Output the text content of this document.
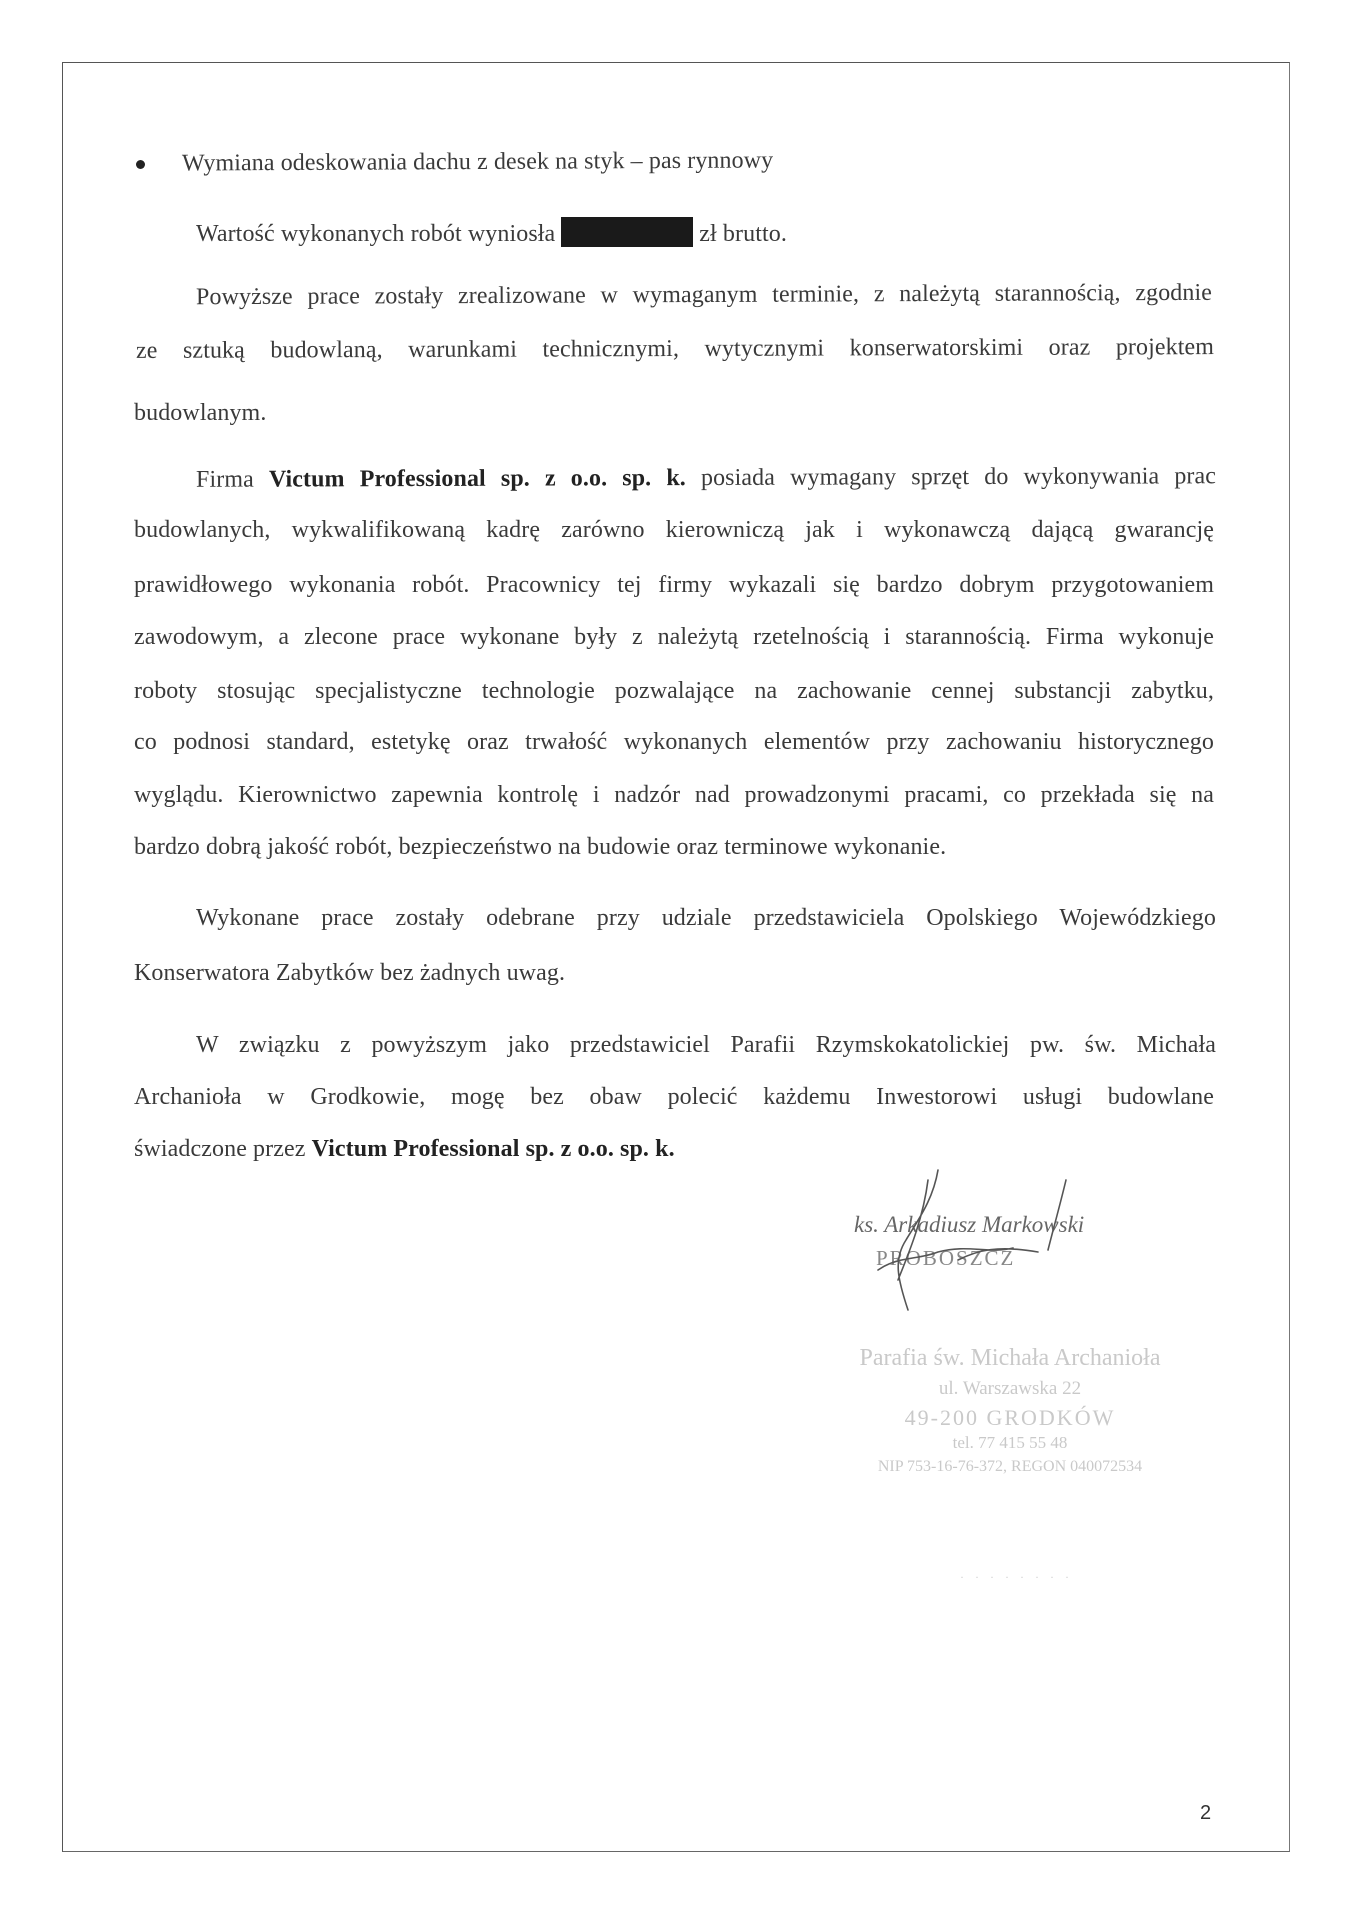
Wymiana odeskowania dachu z desek na styk – pas rynnowy
Wartość wykonanych robót wyniosła	zł brutto.
Powyższe prace zostały zrealizowane w wymaganym terminie, z należytą starannością, zgodnie
ze sztuką budowlaną, warunkami technicznymi, wytycznymi konserwatorskimi oraz projektem
budowlanym.
Firma Victum Professional sp. z o.o. sp. k. posiada wymagany sprzęt do wykonywania prac
budowlanych, wykwalifikowaną kadrę zarówno kierowniczą jak i wykonawczą dającą gwarancję
prawidłowego wykonania robót. Pracownicy tej firmy wykazali się bardzo dobrym przygotowaniem
zawodowym, a zlecone prace wykonane były z należytą rzetelnością i starannością. Firma wykonuje
roboty stosując specjalistyczne technologie pozwalające na zachowanie cennej substancji zabytku,
co podnosi standard, estetykę oraz trwałość wykonanych elementów przy zachowaniu historycznego
wyglądu. Kierownictwo zapewnia kontrolę i nadzór nad prowadzonymi pracami, co przekłada się na
bardzo dobrą jakość robót, bezpieczeństwo na budowie oraz terminowe wykonanie.
Wykonane prace zostały odebrane przy udziale przedstawiciela Opolskiego Wojewódzkiego
Konserwatora Zabytków bez żadnych uwag.
W związku z powyższym jako przedstawiciel Parafii Rzymskokatolickiej pw. św. Michała
Archanioła w Grodkowie, mogę bez obaw polecić każdemu Inwestorowi usługi budowlane
świadczone przez Victum Professional sp. z o.o. sp. k.
ks. Arkadiusz Markowski
PROBOSZCZ
Parafia św. Michała Archanioła
ul. Warszawska 22
49-200 GRODKÓW
tel. 77 415 55 48
NIP 753-16-76-372, REGON 040072534
· · · · · · · ·
2
